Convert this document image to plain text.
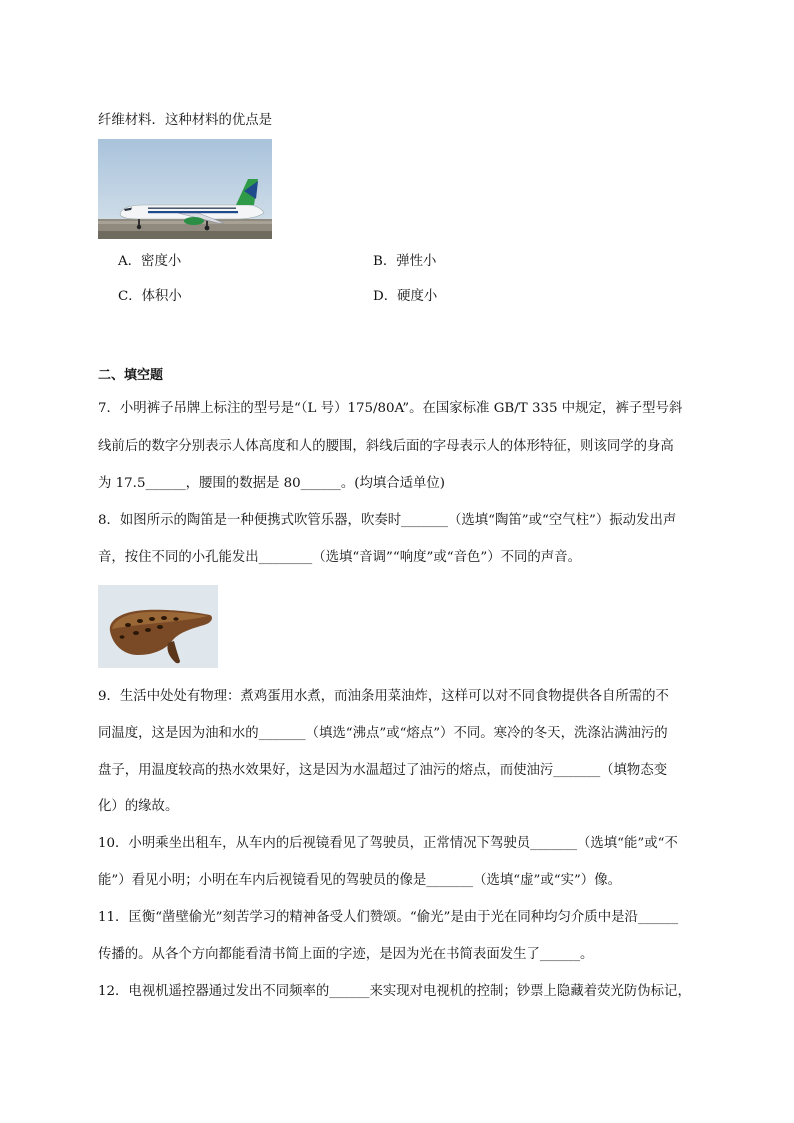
纤维材料．这种材料的优点是
A．密度小	B．弹性小
C．体积小	D．硬度小
二、填空题
7．小明裤子吊牌上标注的型号是“（L 号）175/80A”。在国家标准 GB/T 335 中规定，裤子型号斜
线前后的数字分别表示人体高度和人的腰围，斜线后面的字母表示人的体形特征，则该同学的身高
为 17.5______，腰围的数据是 80______。(均填合适单位)
8．如图所示的陶笛是一种便携式吹管乐器，吹奏时_______（选填“陶笛”或“空气柱”）振动发出声
音，按住不同的小孔能发出________（选填“音调”“响度”或“音色”）不同的声音。
9．生活中处处有物理：煮鸡蛋用水煮，而油条用菜油炸，这样可以对不同食物提供各自所需的不
同温度，这是因为油和水的_______（填选“沸点”或“熔点”）不同。寒冷的冬天，洗涤沾满油污的
盘子，用温度较高的热水效果好，这是因为水温超过了油污的熔点，而使油污_______（填物态变
化）的缘故。
10．小明乘坐出租车，从车内的后视镜看见了驾驶员，正常情况下驾驶员_______（选填“能”或“不
能”）看见小明；小明在车内后视镜看见的驾驶员的像是_______（选填“虚”或“实”）像。
11．匡衡“凿壁偷光”刻苦学习的精神备受人们赞颂。“偷光”是由于光在同种均匀介质中是沿______
传播的。从各个方向都能看清书简上面的字迹，是因为光在书简表面发生了______。
12．电视机遥控器通过发出不同频率的______来实现对电视机的控制；钞票上隐藏着荧光防伪标记，
